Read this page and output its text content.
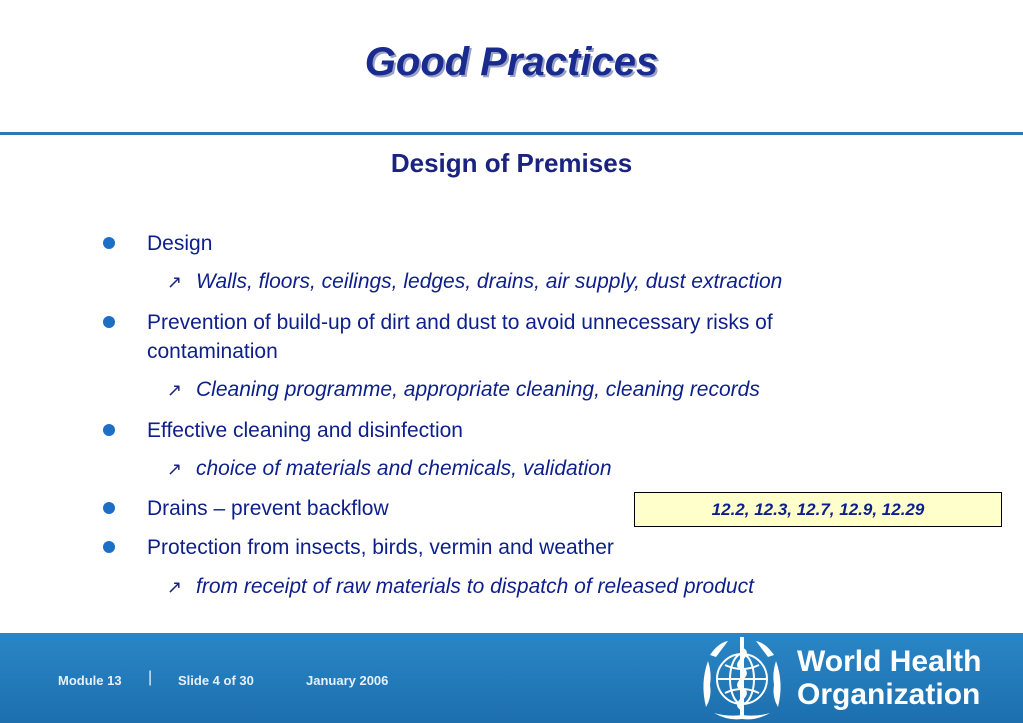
Good Practices
Design of Premises
Design
↗ Walls, floors, ceilings, ledges, drains, air supply, dust extraction
Prevention of build-up of dirt and dust to avoid unnecessary risks of contamination
↗ Cleaning programme, appropriate cleaning, cleaning records
Effective cleaning and disinfection
↗ choice of materials and chemicals, validation
Drains – prevent backflow
Protection from insects, birds, vermin and weather
↗ from receipt of raw materials to dispatch of released product
12.2, 12.3, 12.7, 12.9, 12.29
Module 13 | Slide 4 of 30	January 2006
World Health
Organization
